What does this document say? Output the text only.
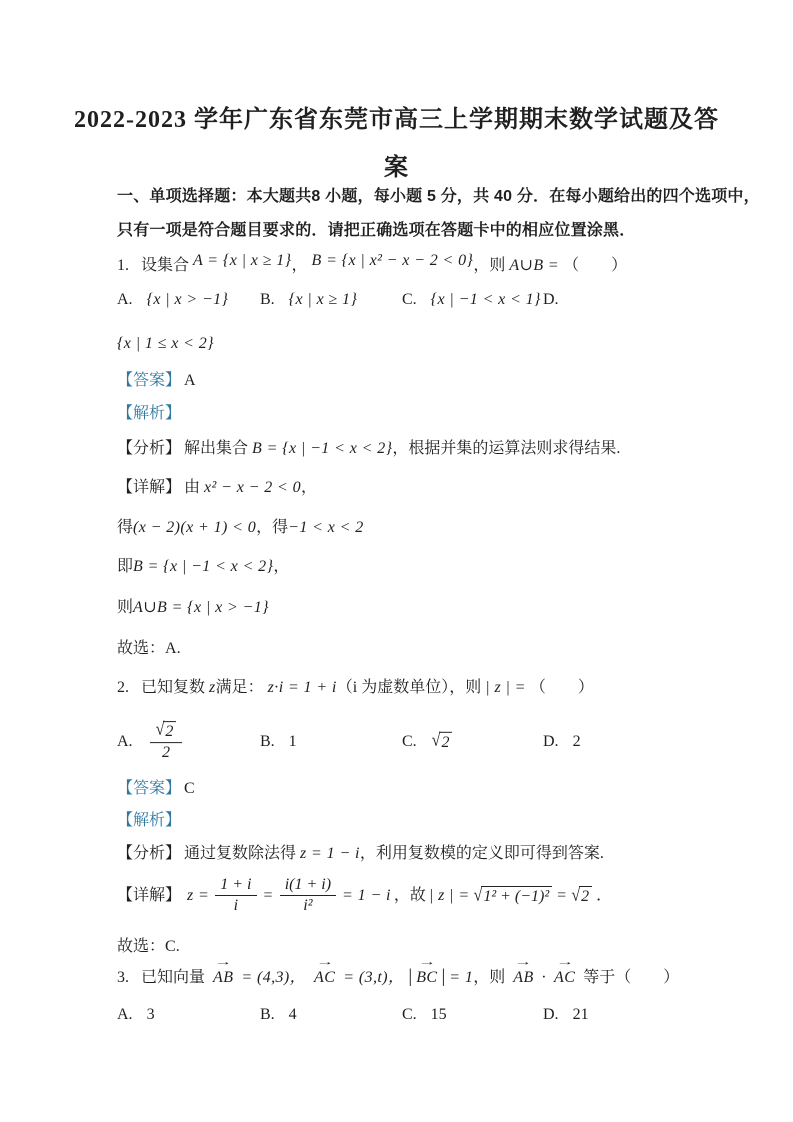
2022-2023 学年广东省东莞市高三上学期期末数学试题及答
案
一、单项选择题：本大题共8 小题，每小题 5 分，共 40 分．在每小题给出的四个选项中，
只有一项是符合题目要求的．请把正确选项在答题卡中的相应位置涂黑．
1. 设集合 A = {x | x ≥ 1}， B = {x | x² − x − 2 < 0}，则 A∪B = （　　）
A. {x | x > −1} B. {x | x ≥ 1}	C. {x | −1 < x < 1} D.
{x | 1 ≤ x < 2}
【答案】 A
【解析】
【分析】 解出集合 B = {x | −1 < x < 2}，根据并集的运算法则求得结果.
【详解】 由 x² − x − 2 < 0，
得(x − 2)(x + 1) < 0，得−1 < x < 2
即B = {x | −1 < x < 2}，
则A∪B = {x | x > −1}
故选：A.
2. 已知复数 z满足： z·i = 1 + i（i 为虚数单位），则 | z | = （　　）
A. $\frac{√ 2}{2}$	B. 1	C. √ 2	D. 2
【答案】 C
【解析】
【分析】 通过复数除法得 z = 1 − i，利用复数模的定义即可得到答案.
【详解】 $z = \frac{1 + i}{i} = \frac{i(1 + i)}{\text{i²}} = 1 - i$ ，故 | z | = √ 1² + (−1)² = √ 2 ．
故选：C.
3. 已知向量
→
AB = (4,3)，
→
AC = (3,t)， |
→
BC | = 1，则
→
AB ·
→
AC 等于（　　）
A. 3	B. 4	C. 15	D. 21
